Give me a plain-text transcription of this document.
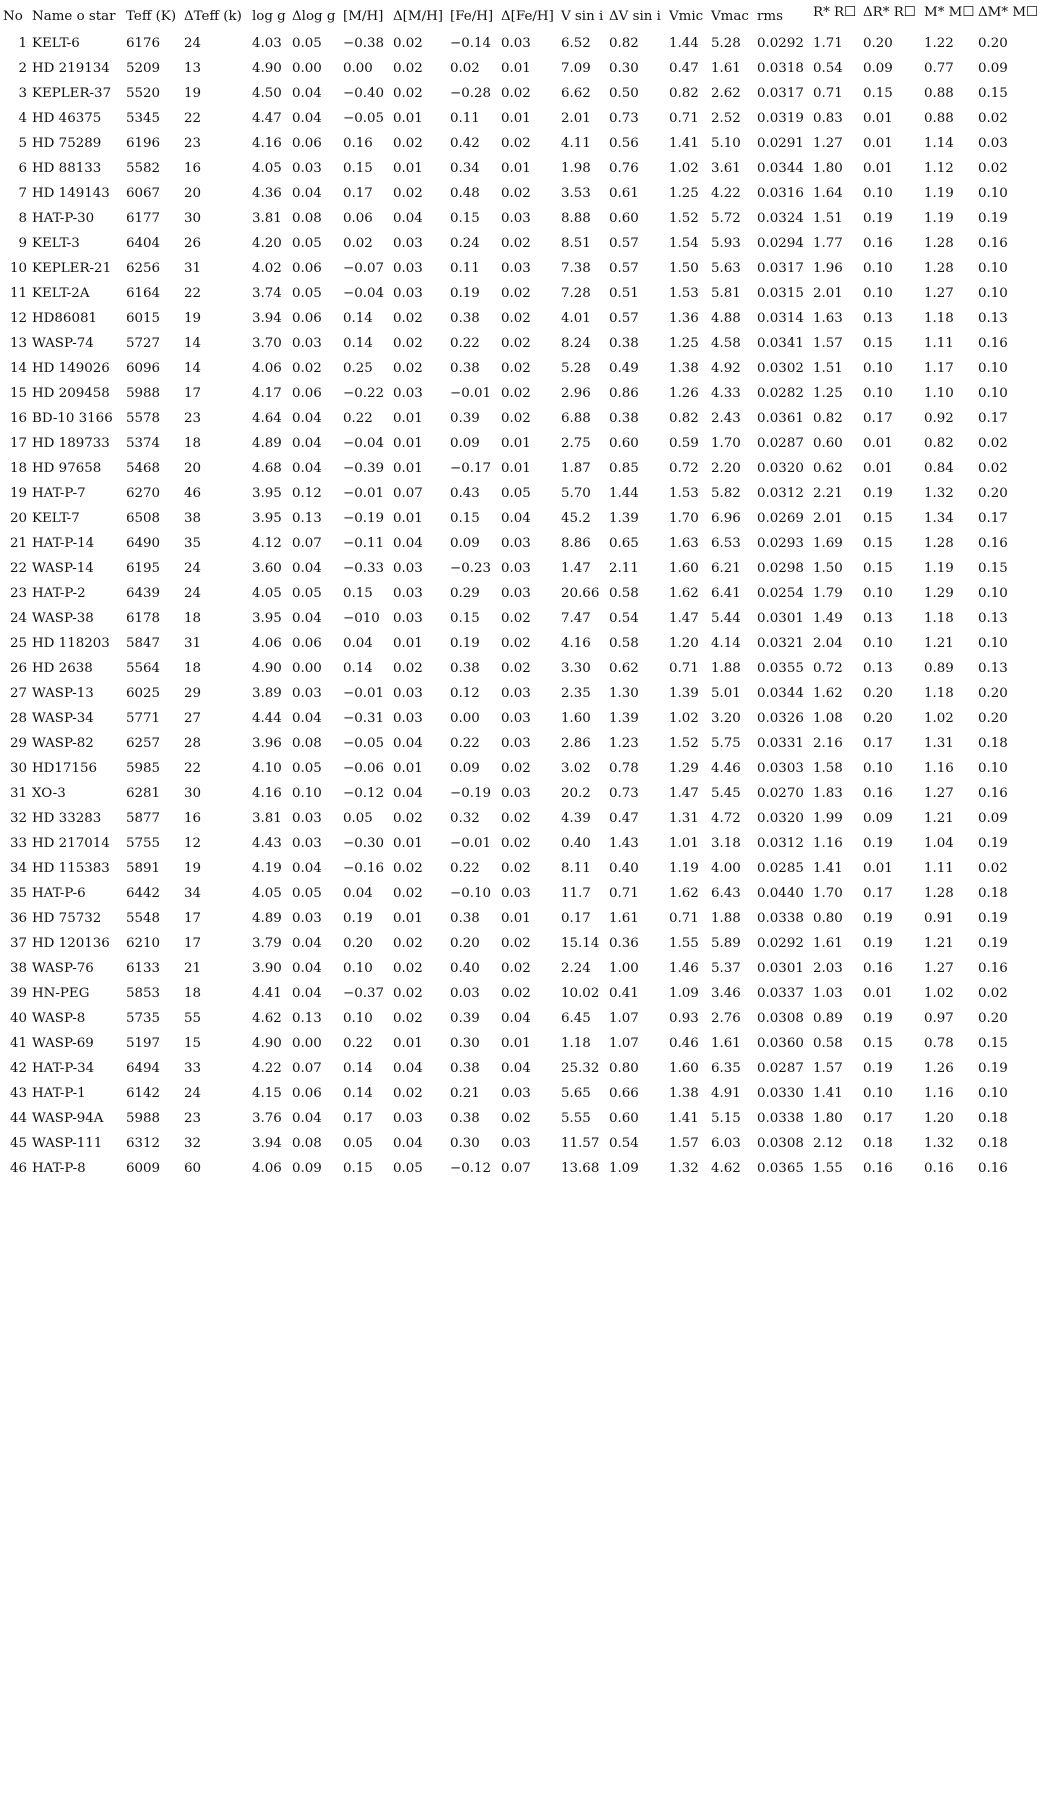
No	Name o star	Teff (K)	ΔTeff (k)	log g	Δlog g	[M/H]	Δ[M/H]	[Fe/H]	Δ[Fe/H]	V sin i	ΔV sin i	Vmic	Vmac	rms	R* R☐	ΔR* R☐	M* M☐	ΔM* M☐
1	KELT-6	6176	24	4.03	0.05	−0.38	0.02	−0.14	0.03	6.52	0.82	1.44	5.28	0.0292	1.71	0.20	1.22	0.20
2	HD 219134	5209	13	4.90	0.00	0.00	0.02	0.02	0.01	7.09	0.30	0.47	1.61	0.0318	0.54	0.09	0.77	0.09
3	KEPLER-37	5520	19	4.50	0.04	−0.40	0.02	−0.28	0.02	6.62	0.50	0.82	2.62	0.0317	0.71	0.15	0.88	0.15
4	HD 46375	5345	22	4.47	0.04	−0.05	0.01	0.11	0.01	2.01	0.73	0.71	2.52	0.0319	0.83	0.01	0.88	0.02
5	HD 75289	6196	23	4.16	0.06	0.16	0.02	0.42	0.02	4.11	0.56	1.41	5.10	0.0291	1.27	0.01	1.14	0.03
6	HD 88133	5582	16	4.05	0.03	0.15	0.01	0.34	0.01	1.98	0.76	1.02	3.61	0.0344	1.80	0.01	1.12	0.02
7	HD 149143	6067	20	4.36	0.04	0.17	0.02	0.48	0.02	3.53	0.61	1.25	4.22	0.0316	1.64	0.10	1.19	0.10
8	HAT-P-30	6177	30	3.81	0.08	0.06	0.04	0.15	0.03	8.88	0.60	1.52	5.72	0.0324	1.51	0.19	1.19	0.19
9	KELT-3	6404	26	4.20	0.05	0.02	0.03	0.24	0.02	8.51	0.57	1.54	5.93	0.0294	1.77	0.16	1.28	0.16
10	KEPLER-21	6256	31	4.02	0.06	−0.07	0.03	0.11	0.03	7.38	0.57	1.50	5.63	0.0317	1.96	0.10	1.28	0.10
11	KELT-2A	6164	22	3.74	0.05	−0.04	0.03	0.19	0.02	7.28	0.51	1.53	5.81	0.0315	2.01	0.10	1.27	0.10
12	HD86081	6015	19	3.94	0.06	0.14	0.02	0.38	0.02	4.01	0.57	1.36	4.88	0.0314	1.63	0.13	1.18	0.13
13	WASP-74	5727	14	3.70	0.03	0.14	0.02	0.22	0.02	8.24	0.38	1.25	4.58	0.0341	1.57	0.15	1.11	0.16
14	HD 149026	6096	14	4.06	0.02	0.25	0.02	0.38	0.02	5.28	0.49	1.38	4.92	0.0302	1.51	0.10	1.17	0.10
15	HD 209458	5988	17	4.17	0.06	−0.22	0.03	−0.01	0.02	2.96	0.86	1.26	4.33	0.0282	1.25	0.10	1.10	0.10
16	BD-10 3166	5578	23	4.64	0.04	0.22	0.01	0.39	0.02	6.88	0.38	0.82	2.43	0.0361	0.82	0.17	0.92	0.17
17	HD 189733	5374	18	4.89	0.04	−0.04	0.01	0.09	0.01	2.75	0.60	0.59	1.70	0.0287	0.60	0.01	0.82	0.02
18	HD 97658	5468	20	4.68	0.04	−0.39	0.01	−0.17	0.01	1.87	0.85	0.72	2.20	0.0320	0.62	0.01	0.84	0.02
19	HAT-P-7	6270	46	3.95	0.12	−0.01	0.07	0.43	0.05	5.70	1.44	1.53	5.82	0.0312	2.21	0.19	1.32	0.20
20	KELT-7	6508	38	3.95	0.13	−0.19	0.01	0.15	0.04	45.2	1.39	1.70	6.96	0.0269	2.01	0.15	1.34	0.17
21	HAT-P-14	6490	35	4.12	0.07	−0.11	0.04	0.09	0.03	8.86	0.65	1.63	6.53	0.0293	1.69	0.15	1.28	0.16
22	WASP-14	6195	24	3.60	0.04	−0.33	0.03	−0.23	0.03	1.47	2.11	1.60	6.21	0.0298	1.50	0.15	1.19	0.15
23	HAT-P-2	6439	24	4.05	0.05	0.15	0.03	0.29	0.03	20.66	0.58	1.62	6.41	0.0254	1.79	0.10	1.29	0.10
24	WASP-38	6178	18	3.95	0.04	−010	0.03	0.15	0.02	7.47	0.54	1.47	5.44	0.0301	1.49	0.13	1.18	0.13
25	HD 118203	5847	31	4.06	0.06	0.04	0.01	0.19	0.02	4.16	0.58	1.20	4.14	0.0321	2.04	0.10	1.21	0.10
26	HD 2638	5564	18	4.90	0.00	0.14	0.02	0.38	0.02	3.30	0.62	0.71	1.88	0.0355	0.72	0.13	0.89	0.13
27	WASP-13	6025	29	3.89	0.03	−0.01	0.03	0.12	0.03	2.35	1.30	1.39	5.01	0.0344	1.62	0.20	1.18	0.20
28	WASP-34	5771	27	4.44	0.04	−0.31	0.03	0.00	0.03	1.60	1.39	1.02	3.20	0.0326	1.08	0.20	1.02	0.20
29	WASP-82	6257	28	3.96	0.08	−0.05	0.04	0.22	0.03	2.86	1.23	1.52	5.75	0.0331	2.16	0.17	1.31	0.18
30	HD17156	5985	22	4.10	0.05	−0.06	0.01	0.09	0.02	3.02	0.78	1.29	4.46	0.0303	1.58	0.10	1.16	0.10
31	XO-3	6281	30	4.16	0.10	−0.12	0.04	−0.19	0.03	20.2	0.73	1.47	5.45	0.0270	1.83	0.16	1.27	0.16
32	HD 33283	5877	16	3.81	0.03	0.05	0.02	0.32	0.02	4.39	0.47	1.31	4.72	0.0320	1.99	0.09	1.21	0.09
33	HD 217014	5755	12	4.43	0.03	−0.30	0.01	−0.01	0.02	0.40	1.43	1.01	3.18	0.0312	1.16	0.19	1.04	0.19
34	HD 115383	5891	19	4.19	0.04	−0.16	0.02	0.22	0.02	8.11	0.40	1.19	4.00	0.0285	1.41	0.01	1.11	0.02
35	HAT-P-6	6442	34	4.05	0.05	0.04	0.02	−0.10	0.03	11.7	0.71	1.62	6.43	0.0440	1.70	0.17	1.28	0.18
36	HD 75732	5548	17	4.89	0.03	0.19	0.01	0.38	0.01	0.17	1.61	0.71	1.88	0.0338	0.80	0.19	0.91	0.19
37	HD 120136	6210	17	3.79	0.04	0.20	0.02	0.20	0.02	15.14	0.36	1.55	5.89	0.0292	1.61	0.19	1.21	0.19
38	WASP-76	6133	21	3.90	0.04	0.10	0.02	0.40	0.02	2.24	1.00	1.46	5.37	0.0301	2.03	0.16	1.27	0.16
39	HN-PEG	5853	18	4.41	0.04	−0.37	0.02	0.03	0.02	10.02	0.41	1.09	3.46	0.0337	1.03	0.01	1.02	0.02
40	WASP-8	5735	55	4.62	0.13	0.10	0.02	0.39	0.04	6.45	1.07	0.93	2.76	0.0308	0.89	0.19	0.97	0.20
41	WASP-69	5197	15	4.90	0.00	0.22	0.01	0.30	0.01	1.18	1.07	0.46	1.61	0.0360	0.58	0.15	0.78	0.15
42	HAT-P-34	6494	33	4.22	0.07	0.14	0.04	0.38	0.04	25.32	0.80	1.60	6.35	0.0287	1.57	0.19	1.26	0.19
43	HAT-P-1	6142	24	4.15	0.06	0.14	0.02	0.21	0.03	5.65	0.66	1.38	4.91	0.0330	1.41	0.10	1.16	0.10
44	WASP-94A	5988	23	3.76	0.04	0.17	0.03	0.38	0.02	5.55	0.60	1.41	5.15	0.0338	1.80	0.17	1.20	0.18
45	WASP-111	6312	32	3.94	0.08	0.05	0.04	0.30	0.03	11.57	0.54	1.57	6.03	0.0308	2.12	0.18	1.32	0.18
46	HAT-P-8	6009	60	4.06	0.09	0.15	0.05	−0.12	0.07	13.68	1.09	1.32	4.62	0.0365	1.55	0.16	0.16	0.16
